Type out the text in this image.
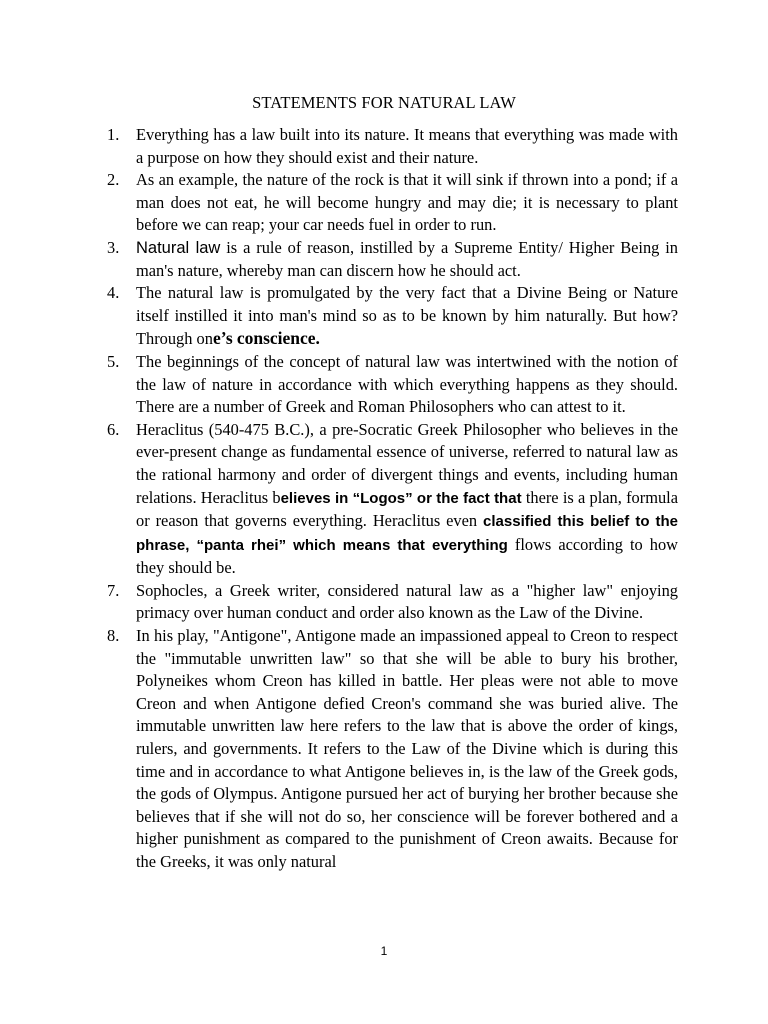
STATEMENTS FOR NATURAL LAW
1. Everything has a law built into its nature. It means that everything was made with a purpose on how they should exist and their nature.
2. As an example, the nature of the rock is that it will sink if thrown into a pond; if a man does not eat, he will become hungry and may die; it is necessary to plant before we can reap; your car needs fuel in order to run.
3. Natural law is a rule of reason, instilled by a Supreme Entity/ Higher Being in man's nature, whereby man can discern how he should act.
4. The natural law is promulgated by the very fact that a Divine Being or Nature itself instilled it into man's mind so as to be known by him naturally. But how? Through one’s conscience.
5. The beginnings of the concept of natural law was intertwined with the notion of the law of nature in accordance with which everything happens as they should. There are a number of Greek and Roman Philosophers who can attest to it.
6. Heraclitus (540-475 B.C.), a pre-Socratic Greek Philosopher who believes in the ever-present change as fundamental essence of universe, referred to natural law as the rational harmony and order of divergent things and events, including human relations. Heraclitus believes in “Logos” or the fact that there is a plan, formula or reason that governs everything. Heraclitus even classified this belief to the phrase, “panta rhei” which means that everything flows according to how they should be.
7. Sophocles, a Greek writer, considered natural law as a "higher law" enjoying primacy over human conduct and order also known as the Law of the Divine.
8. In his play, "Antigone", Antigone made an impassioned appeal to Creon to respect the "immutable unwritten law" so that she will be able to bury his brother, Polyneikes whom Creon has killed in battle. Her pleas were not able to move Creon and when Antigone defied Creon's command she was buried alive. The immutable unwritten law here refers to the law that is above the order of kings, rulers, and governments. It refers to the Law of the Divine which is during this time and in accordance to what Antigone believes in, is the law of the Greek gods, the gods of Olympus. Antigone pursued her act of burying her brother because she believes that if she will not do so, her conscience will be forever bothered and a higher punishment as compared to the punishment of Creon awaits. Because for the Greeks, it was only natural
1
